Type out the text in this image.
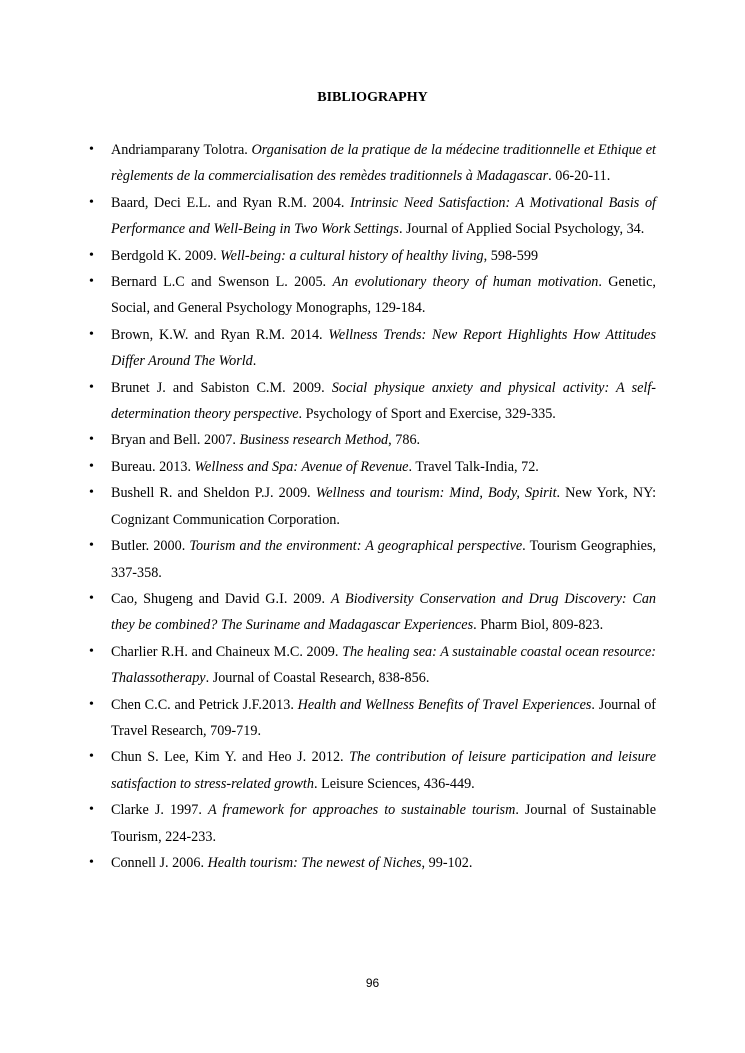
BIBLIOGRAPHY
• Andriamparany Tolotra. Organisation de la pratique de la médecine traditionnelle et Ethique et règlements de la commercialisation des remèdes traditionnels à Madagascar. 06-20-11.
• Baard, Deci E.L. and Ryan R.M. 2004. Intrinsic Need Satisfaction: A Motivational Basis of Performance and Well-Being in Two Work Settings. Journal of Applied Social Psychology, 34.
• Berdgold K. 2009. Well-being: a cultural history of healthy living, 598-599
• Bernard L.C and Swenson L. 2005. An evolutionary theory of human motivation. Genetic, Social, and General Psychology Monographs, 129-184.
• Brown, K.W. and Ryan R.M. 2014. Wellness Trends: New Report Highlights How Attitudes Differ Around The World.
• Brunet J. and Sabiston C.M. 2009. Social physique anxiety and physical activity: A self-determination theory perspective. Psychology of Sport and Exercise, 329-335.
• Bryan and Bell. 2007. Business research Method, 786.
• Bureau. 2013. Wellness and Spa: Avenue of Revenue. Travel Talk-India, 72.
• Bushell R. and Sheldon P.J. 2009. Wellness and tourism: Mind, Body, Spirit. New York, NY: Cognizant Communication Corporation.
• Butler. 2000. Tourism and the environment: A geographical perspective. Tourism Geographies, 337-358.
• Cao, Shugeng and David G.I. 2009. A Biodiversity Conservation and Drug Discovery: Can they be combined? The Suriname and Madagascar Experiences. Pharm Biol, 809-823.
• Charlier R.H. and Chaineux M.C. 2009. The healing sea: A sustainable coastal ocean resource: Thalassotherapy. Journal of Coastal Research, 838-856.
• Chen C.C. and Petrick J.F.2013. Health and Wellness Benefits of Travel Experiences. Journal of Travel Research, 709-719.
• Chun S. Lee, Kim Y. and Heo J. 2012. The contribution of leisure participation and leisure satisfaction to stress-related growth. Leisure Sciences, 436-449.
• Clarke J. 1997. A framework for approaches to sustainable tourism. Journal of Sustainable Tourism, 224-233.
• Connell J. 2006. Health tourism: The newest of Niches, 99-102.
96
